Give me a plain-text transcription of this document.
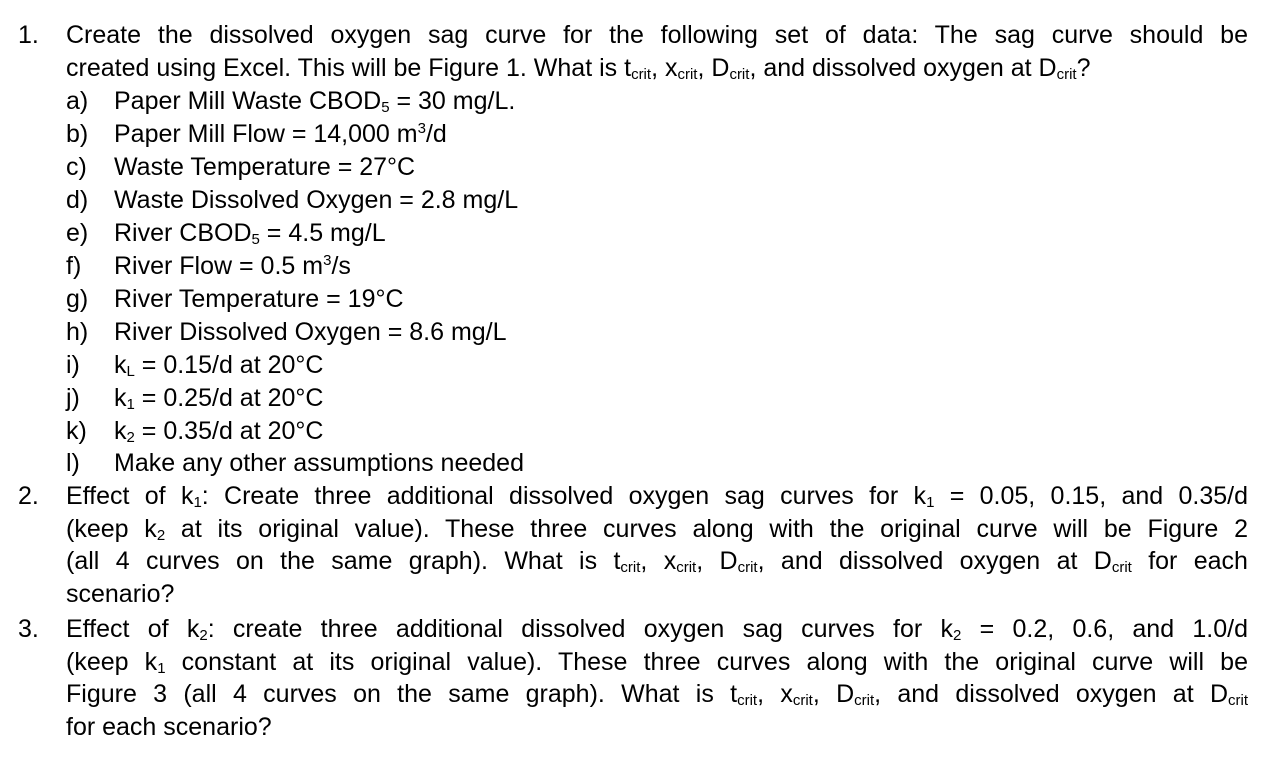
1. Create the dissolved oxygen sag curve for the following set of data: The sag curve should be
created using Excel. This will be Figure 1. What is $t_{crit}$, $x_{crit}$, $D_{crit}$, and dissolved oxygen at $D_{crit}$?
a) Paper Mill Waste $CBOD_5 = 30$ mg/L.
b) Paper Mill Flow = 14,000 $m^3/d$
c) Waste Temperature = 27°C
d) Waste Dissolved Oxygen = 2.8 mg/L
e) River $CBOD_5 = 4.5$ mg/L
f) River Flow = 0.5 $m^3/s$
g) River Temperature = 19°C
h) River Dissolved Oxygen = 8.6 mg/L
i) $k_L = 0.15/d$ at 20°C
j) $k_1 = 0.25/d$ at 20°C
k) $k_2 = 0.35/d$ at 20°C
l) Make any other assumptions needed
2. Effect of $k_1$: Create three additional dissolved oxygen sag curves for $k_1 = 0.05$, 0.15, and 0.35/d
(keep $k_2$ at its original value). These three curves along with the original curve will be Figure 2
(all 4 curves on the same graph). What is $t_{crit}$, $x_{crit}$, $D_{crit}$, and dissolved oxygen at $D_{crit}$ for each
scenario?
3. Effect of $k_2$: create three additional dissolved oxygen sag curves for $k_2 = 0.2$, 0.6, and 1.0/d
(keep $k_1$ constant at its original value). These three curves along with the original curve will be
Figure 3 (all 4 curves on the same graph). What is $t_{crit}$, $x_{crit}$, $D_{crit}$, and dissolved oxygen at $D_{crit}$
for each scenario?
